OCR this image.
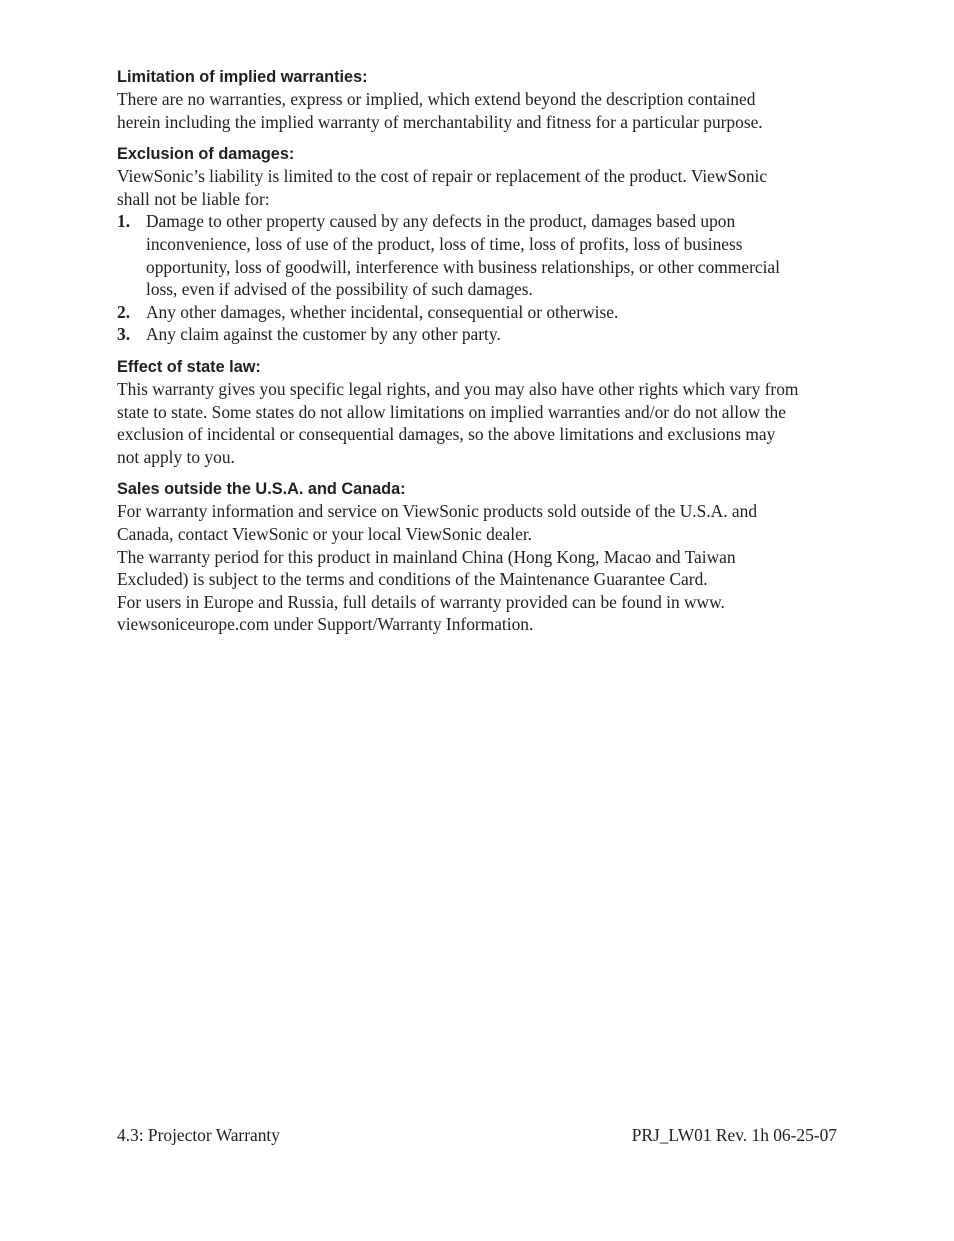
Limitation of implied warranties:

There are no warranties, express or implied, which extend beyond the description contained

herein including the implied warranty of merchantability and fitness for a particular purpose.

Exclusion of damages:

ViewSonic’s liability is limited to the cost of repair or replacement of the product. ViewSonic

shall not be liable for:

1. Damage to other property caused by any defects in the product, damages based upon
inconvenience, loss of use of the product, loss of time, loss of profits, loss of business
opportunity, loss of goodwill, interference with business relationships, or other commercial
loss, even if advised of the possibility of such damages.
2. Any other damages, whether incidental, consequential or otherwise.
3. Any claim against the customer by any other party.

Effect of state law:

This warranty gives you specific legal rights, and you may also have other rights which vary from

state to state. Some states do not allow limitations on implied warranties and/or do not allow the

exclusion of incidental or consequential damages, so the above limitations and exclusions may

not apply to you.

Sales outside the U.S.A. and Canada:

For warranty information and service on ViewSonic products sold outside of the U.S.A. and

Canada, contact ViewSonic or your local ViewSonic dealer.

The warranty period for this product in mainland China (Hong Kong, Macao and Taiwan

Excluded) is subject to the terms and conditions of the Maintenance Guarantee Card.

For users in Europe and Russia, full details of warranty provided can be found in www.

viewsoniceurope.com under Support/Warranty Information.

4.3: Projector Warranty	PRJ_LW01 Rev. 1h 06-25-07
